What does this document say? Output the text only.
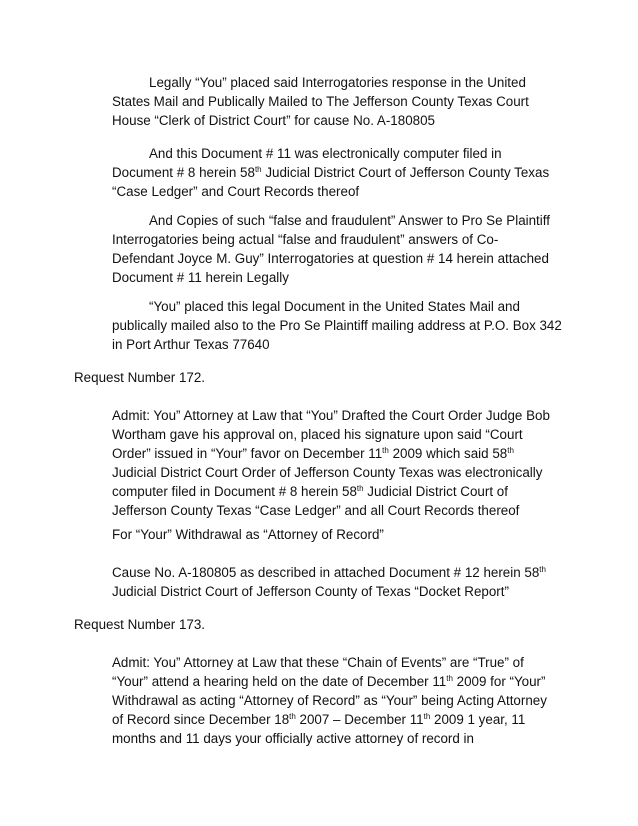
Legally “You” placed said Interrogatories response in the United
States Mail and Publically Mailed to The Jefferson County Texas Court
House “Clerk of District Court” for cause No. A-180805

And this Document # 11 was electronically computer filed in
Document # 8 herein 58th Judicial District Court of Jefferson County Texas
“Case Ledger” and Court Records thereof

And Copies of such “false and fraudulent” Answer to Pro Se Plaintiff
Interrogatories being actual “false and fraudulent” answers of Co-
Defendant Joyce M. Guy” Interrogatories at question # 14 herein attached
Document # 11 herein Legally

“You” placed this legal Document in the United States Mail and
publically mailed also to the Pro Se Plaintiff mailing address at P.O. Box 342
in Port Arthur Texas 77640

Request Number 172.

Admit: You” Attorney at Law that “You” Drafted the Court Order Judge Bob
Wortham gave his approval on, placed his signature upon said “Court
Order” issued in “Your” favor on December 11th 2009 which said 58th
Judicial District Court Order of Jefferson County Texas was electronically
computer filed in Document # 8 herein 58th Judicial District Court of
Jefferson County Texas “Case Ledger” and all Court Records thereof

For “Your” Withdrawal as “Attorney of Record”

Cause No. A-180805 as described in attached Document # 12 herein 58th
Judicial District Court of Jefferson County of Texas “Docket Report”

Request Number 173.

Admit: You” Attorney at Law that these “Chain of Events” are “True” of
“Your” attend a hearing held on the date of December 11th 2009 for “Your”
Withdrawal as acting “Attorney of Record” as “Your” being Acting Attorney
of Record since December 18th 2007 – December 11th 2009 1 year, 11
months and 11 days your officially active attorney of record in
